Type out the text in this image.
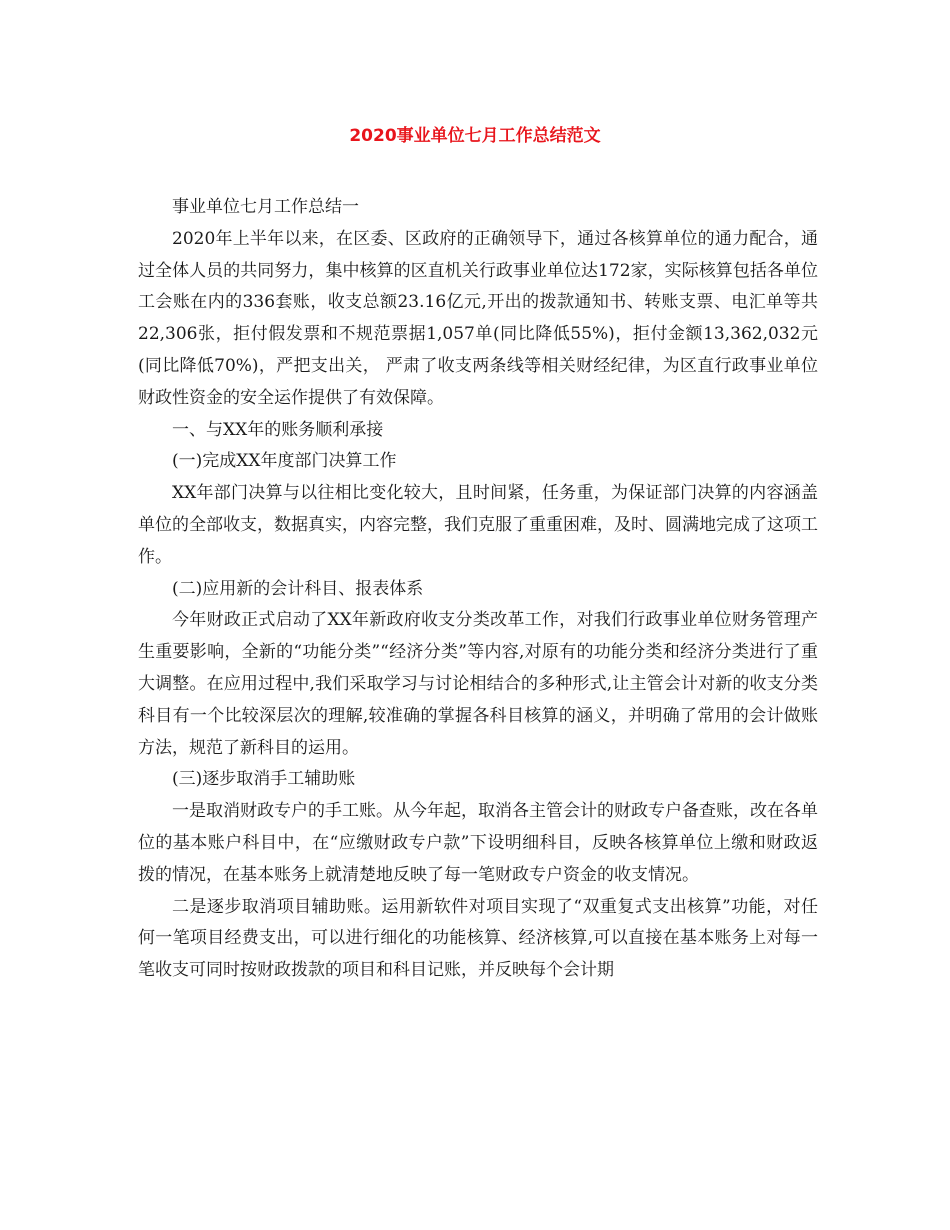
2020事业单位七月工作总结范文

事业单位七月工作总结一

2020年上半年以来，在区委、区政府的正确领导下，通过各核算单位的通力配合，通过全体人员的共同努力，集中核算的区直机关行政事业单位达172家，实际核算包括各单位工会账在内的336套账，收支总额23.16亿元,开出的拨款通知书、转账支票、电汇单等共22,306张，拒付假发票和不规范票据1,057单(同比降低55%)，拒付金额13,362,032元(同比降低70%)，严把支出关， 严肃了收支两条线等相关财经纪律，为区直行政事业单位财政性资金的安全运作提供了有效保障。

一、与XX年的账务顺利承接

(一)完成XX年度部门决算工作

XX年部门决算与以往相比变化较大，且时间紧，任务重，为保证部门决算的内容涵盖单位的全部收支，数据真实，内容完整，我们克服了重重困难，及时、圆满地完成了这项工作。

(二)应用新的会计科目、报表体系

今年财政正式启动了XX年新政府收支分类改革工作，对我们行政事业单位财务管理产生重要影响，全新的“功能分类”“经济分类”等内容,对原有的功能分类和经济分类进行了重大调整。在应用过程中,我们采取学习与讨论相结合的多种形式,让主管会计对新的收支分类科目有一个比较深层次的理解,较准确的掌握各科目核算的涵义，并明确了常用的会计做账方法，规范了新科目的运用。

(三)逐步取消手工辅助账

一是取消财政专户的手工账。从今年起，取消各主管会计的财政专户备查账，改在各单位的基本账户科目中，在“应缴财政专户款”下设明细科目，反映各核算单位上缴和财政返拨的情况，在基本账务上就清楚地反映了每一笔财政专户资金的收支情况。

二是逐步取消项目辅助账。运用新软件对项目实现了“双重复式支出核算”功能，对任何一笔项目经费支出，可以进行细化的功能核算、经济核算,可以直接在基本账务上对每一笔收支可同时按财政拨款的项目和科目记账，并反映每个会计期
